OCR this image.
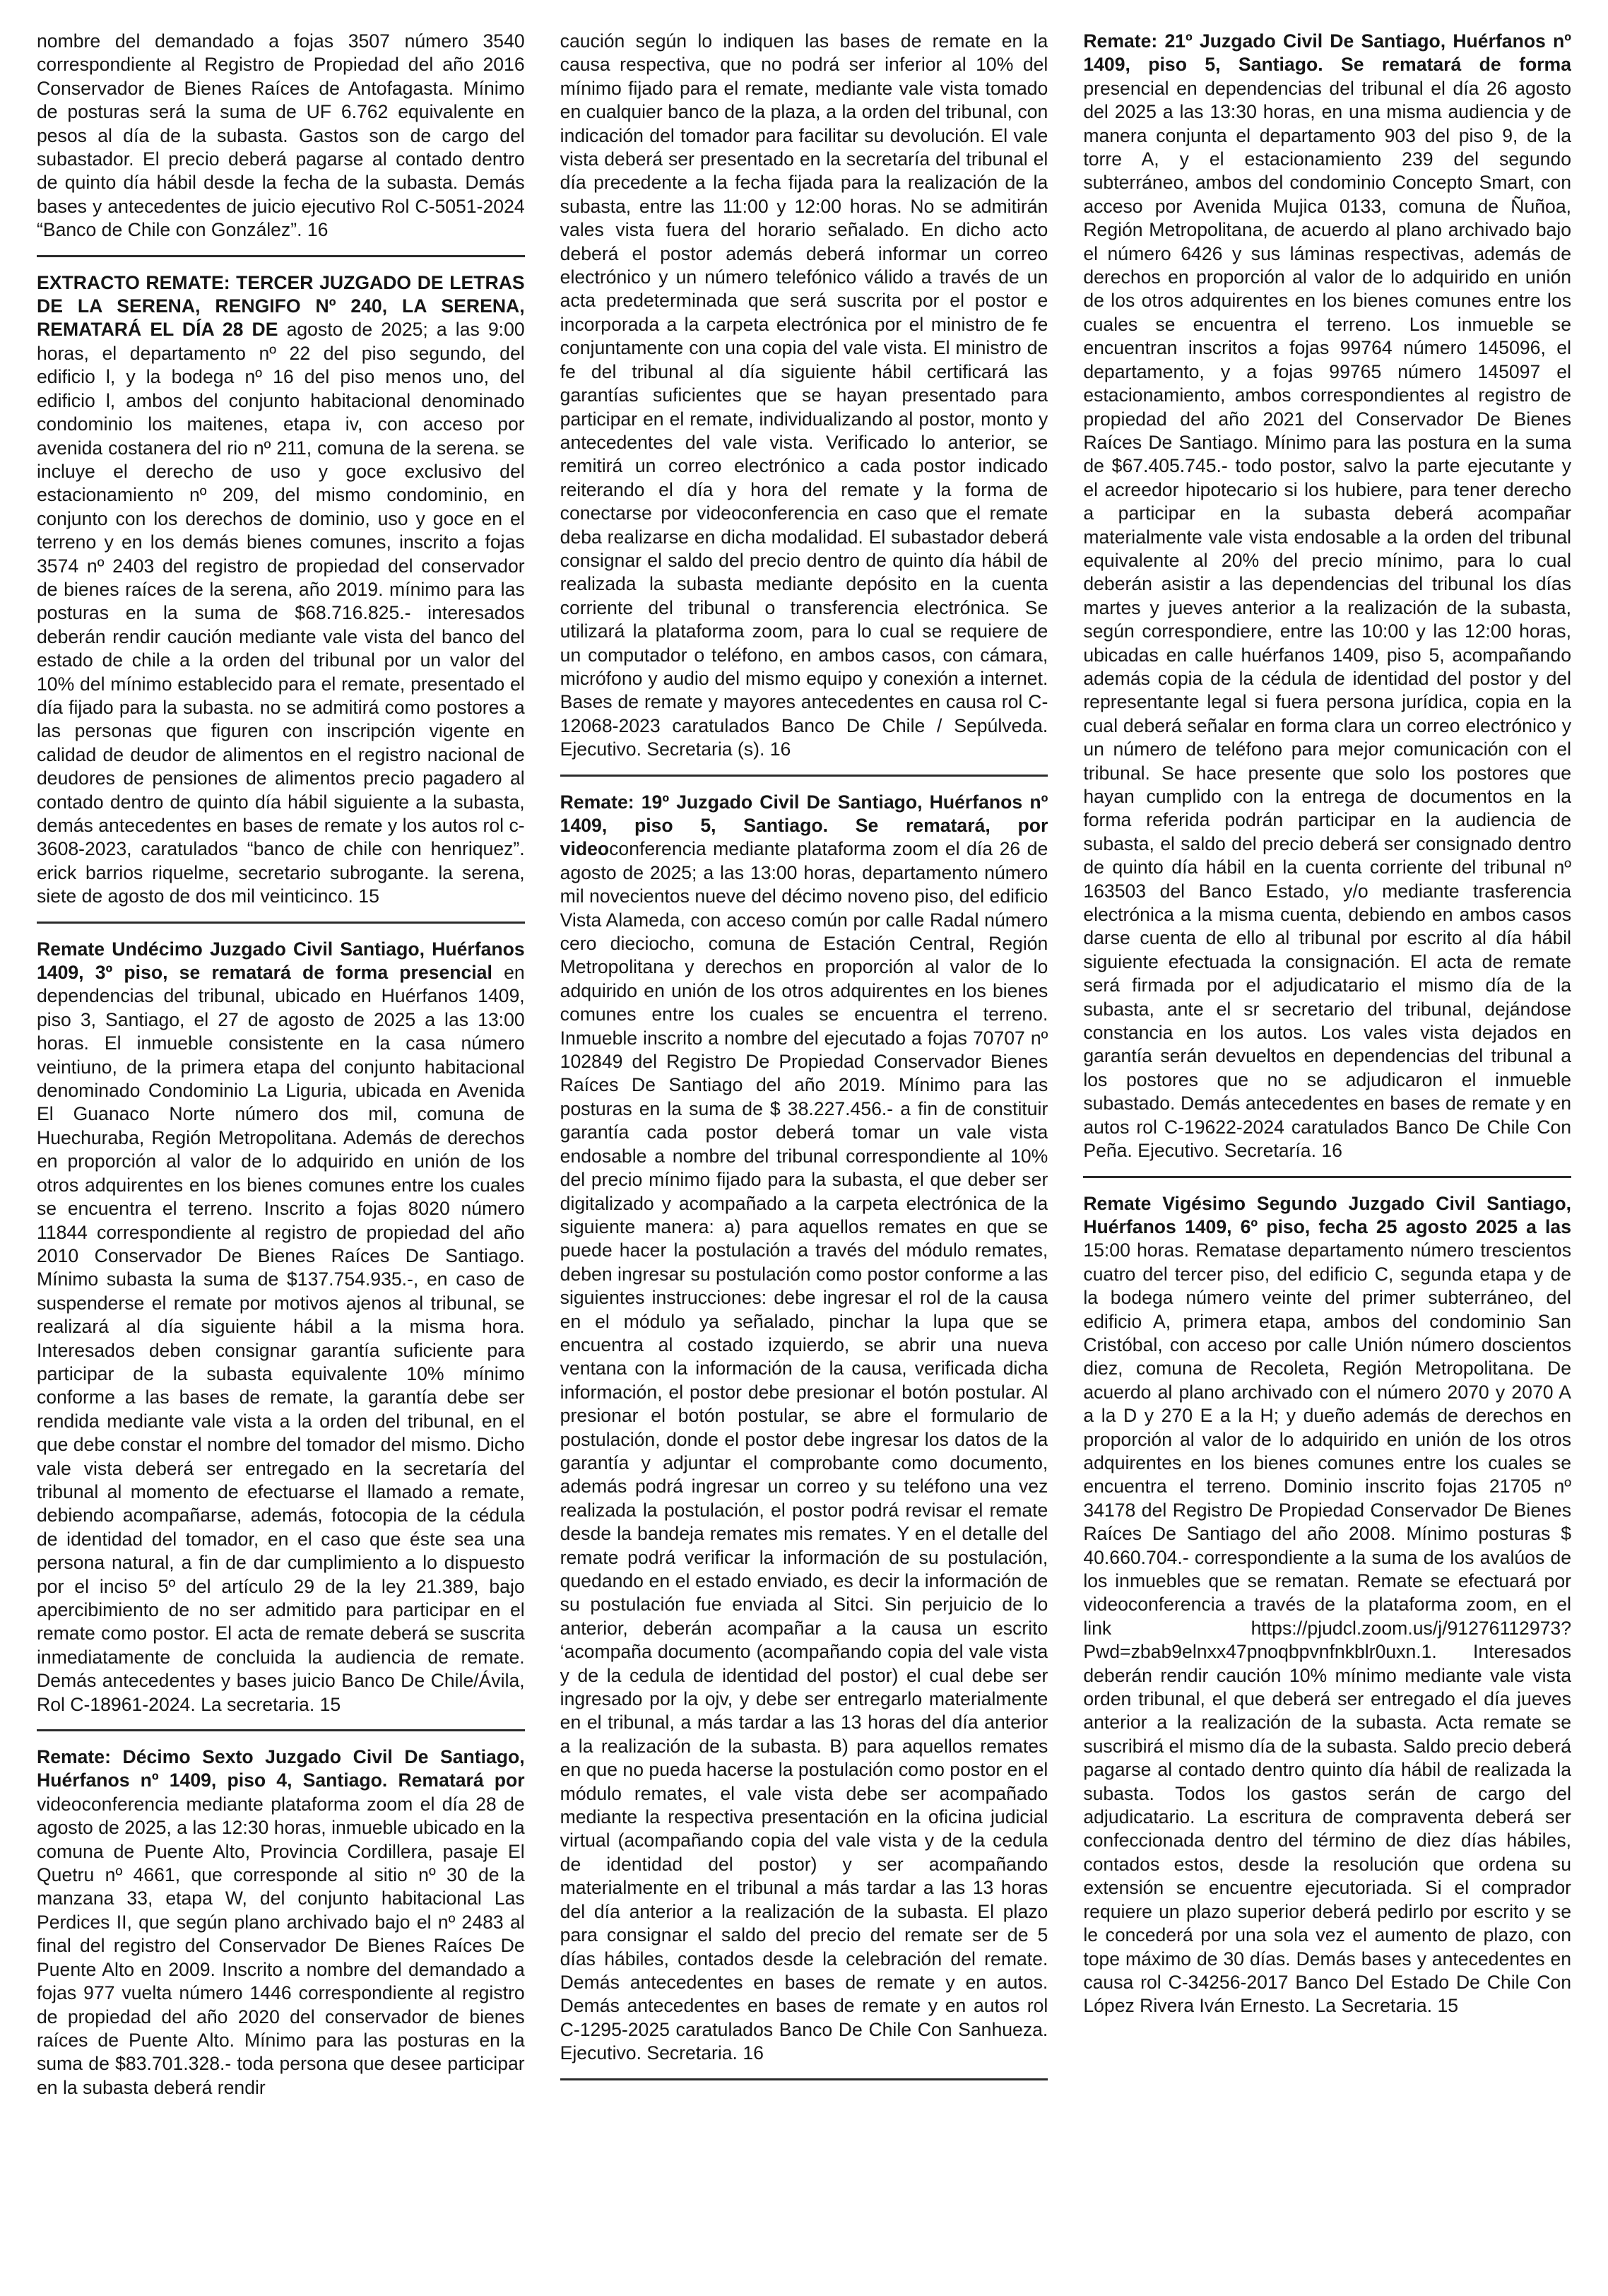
nombre del demandado a fojas 3507 número 3540 correspondiente al Registro de Propiedad del año 2016 Conservador de Bienes Raíces de Antofagasta. Mínimo de posturas será la suma de UF 6.762 equivalente en pesos al día de la subasta. Gastos son de cargo del subastador. El precio deberá pagarse al contado dentro de quinto día hábil desde la fecha de la subasta. Demás bases y antecedentes de juicio ejecutivo Rol C-5051-2024 “Banco de Chile con González”. 16

EXTRACTO REMATE: TERCER JUZGADO DE LETRAS DE LA SERENA, RENGIFO Nº 240, LA SERENA, REMATARÁ EL DÍA 28 DE agosto de 2025; a las 9:00 horas, el departamento nº 22 del piso segundo, del edificio l, y la bodega nº 16 del piso menos uno, del edificio l, ambos del conjunto habitacional denominado condominio los maitenes, etapa iv, con acceso por avenida costanera del rio nº 211, comuna de la serena. se incluye el derecho de uso y goce exclusivo del estacionamiento nº 209, del mismo condominio, en conjunto con los derechos de dominio, uso y goce en el terreno y en los demás bienes comunes, inscrito a fojas 3574 nº 2403 del registro de propiedad del conservador de bienes raíces de la serena, año 2019. mínimo para las posturas en la suma de $68.716.825.- interesados deberán rendir caución mediante vale vista del banco del estado de chile a la orden del tribunal por un valor del 10% del mínimo establecido para el remate, presentado el día fijado para la subasta. no se admitirá como postores a las personas que figuren con inscripción vigente en calidad de deudor de alimentos en el registro nacional de deudores de pensiones de alimentos precio pagadero al contado dentro de quinto día hábil siguiente a la subasta, demás antecedentes en bases de remate y los autos rol c-3608-2023, caratulados “banco de chile con henriquez”. erick barrios riquelme, secretario subrogante. la serena, siete de agosto de dos mil veinticinco. 15

Remate Undécimo Juzgado Civil Santiago, Huérfanos 1409, 3º piso, se rematará de forma presencial en dependencias del tribunal, ubicado en Huérfanos 1409, piso 3, Santiago, el 27 de agosto de 2025 a las 13:00 horas. El inmueble consistente en la casa número veintiuno, de la primera etapa del conjunto habitacional denominado Condominio La Liguria, ubicada en Avenida El Guanaco Norte número dos mil, comuna de Huechuraba, Región Metropolitana. Además de derechos en proporción al valor de lo adquirido en unión de los otros adquirentes en los bienes comunes entre los cuales se encuentra el terreno. Inscrito a fojas 8020 número 11844 correspondiente al registro de propiedad del año 2010 Conservador De Bienes Raíces De Santiago. Mínimo subasta la suma de $137.754.935.-, en caso de suspenderse el remate por motivos ajenos al tribunal, se realizará al día siguiente hábil a la misma hora. Interesados deben consignar garantía suficiente para participar de la subasta equivalente 10% mínimo conforme a las bases de remate, la garantía debe ser rendida mediante vale vista a la orden del tribunal, en el que debe constar el nombre del tomador del mismo. Dicho vale vista deberá ser entregado en la secretaría del tribunal al momento de efectuarse el llamado a remate, debiendo acompañarse, además, fotocopia de la cédula de identidad del tomador, en el caso que éste sea una persona natural, a fin de dar cumplimiento a lo dispuesto por el inciso 5º del artículo 29 de la ley 21.389, bajo apercibimiento de no ser admitido para participar en el remate como postor. El acta de remate deberá se suscrita inmediatamente de concluida la audiencia de remate. Demás antecedentes y bases juicio Banco De Chile/Ávila, Rol C-18961-2024. La secretaria. 15

Remate: Décimo Sexto Juzgado Civil De Santiago, Huérfanos nº 1409, piso 4, Santiago. Rematará por videoconferencia mediante plataforma zoom el día 28 de agosto de 2025, a las 12:30 horas, inmueble ubicado en la comuna de Puente Alto, Provincia Cordillera, pasaje El Quetru nº 4661, que corresponde al sitio nº 30 de la manzana 33, etapa W, del conjunto habitacional Las Perdices II, que según plano archivado bajo el nº 2483 al final del registro del Conservador De Bienes Raíces De Puente Alto en 2009. Inscrito a nombre del demandado a fojas 977 vuelta número 1446 correspondiente al registro de propiedad del año 2020 del conservador de bienes raíces de Puente Alto. Mínimo para las posturas en la suma de $83.701.328.- toda persona que desee participar en la subasta deberá rendir

caución según lo indiquen las bases de remate en la causa respectiva, que no podrá ser inferior al 10% del mínimo fijado para el remate, mediante vale vista tomado en cualquier banco de la plaza, a la orden del tribunal, con indicación del tomador para facilitar su devolución. El vale vista deberá ser presentado en la secretaría del tribunal el día precedente a la fecha fijada para la realización de la subasta, entre las 11:00 y 12:00 horas. No se admitirán vales vista fuera del horario señalado. En dicho acto deberá el postor además deberá informar un correo electrónico y un número telefónico válido a través de un acta predeterminada que será suscrita por el postor e incorporada a la carpeta electrónica por el ministro de fe conjuntamente con una copia del vale vista. El ministro de fe del tribunal al día siguiente hábil certificará las garantías suficientes que se hayan presentado para participar en el remate, individualizando al postor, monto y antecedentes del vale vista. Verificado lo anterior, se remitirá un correo electrónico a cada postor indicado reiterando el día y hora del remate y la forma de conectarse por videoconferencia en caso que el remate deba realizarse en dicha modalidad. El subastador deberá consignar el saldo del precio dentro de quinto día hábil de realizada la subasta mediante depósito en la cuenta corriente del tribunal o transferencia electrónica. Se utilizará la plataforma zoom, para lo cual se requiere de un computador o teléfono, en ambos casos, con cámara, micrófono y audio del mismo equipo y conexión a internet. Bases de remate y mayores antecedentes en causa rol C-12068-2023 caratulados Banco De Chile / Sepúlveda. Ejecutivo. Secretaria (s). 16

Remate: 19º Juzgado Civil De Santiago, Huérfanos nº 1409, piso 5, Santiago. Se rematará, por videoconferencia mediante plataforma zoom el día 26 de agosto de 2025; a las 13:00 horas, departamento número mil novecientos nueve del décimo noveno piso, del edificio Vista Alameda, con acceso común por calle Radal número cero dieciocho, comuna de Estación Central, Región Metropolitana y derechos en proporción al valor de lo adquirido en unión de los otros adquirentes en los bienes comunes entre los cuales se encuentra el terreno. Inmueble inscrito a nombre del ejecutado a fojas 70707 nº 102849 del Registro De Propiedad Conservador Bienes Raíces De Santiago del año 2019. Mínimo para las posturas en la suma de $ 38.227.456.- a fin de constituir garantía cada postor deberá tomar un vale vista endosable a nombre del tribunal correspondiente al 10% del precio mínimo fijado para la subasta, el que deber ser digitalizado y acompañado a la carpeta electrónica de la siguiente manera: a) para aquellos remates en que se puede hacer la postulación a través del módulo remates, deben ingresar su postulación como postor conforme a las siguientes instrucciones: debe ingresar el rol de la causa en el módulo ya señalado, pinchar la lupa que se encuentra al costado izquierdo, se abrir una nueva ventana con la información de la causa, verificada dicha información, el postor debe presionar el botón postular. Al presionar el botón postular, se abre el formulario de postulación, donde el postor debe ingresar los datos de la garantía y adjuntar el comprobante como documento, además podrá ingresar un correo y su teléfono una vez realizada la postulación, el postor podrá revisar el remate desde la bandeja remates mis remates. Y en el detalle del remate podrá verificar la información de su postulación, quedando en el estado enviado, es decir la información de su postulación fue enviada al Sitci. Sin perjuicio de lo anterior, deberán acompañar a la causa un escrito ‘acompaña documento (acompañando copia del vale vista y de la cedula de identidad del postor) el cual debe ser ingresado por la ojv, y debe ser entregarlo materialmente en el tribunal, a más tardar a las 13 horas del día anterior a la realización de la subasta. B) para aquellos remates en que no pueda hacerse la postulación como postor en el módulo remates, el vale vista debe ser acompañado mediante la respectiva presentación en la oficina judicial virtual (acompañando copia del vale vista y de la cedula de identidad del postor) y ser acompañando materialmente en el tribunal a más tardar a las 13 horas del día anterior a la realización de la subasta. El plazo para consignar el saldo del precio del remate ser de 5 días hábiles, contados desde la celebración del remate. Demás antecedentes en bases de remate y en autos. Demás antecedentes en bases de remate y en autos rol C-1295-2025 caratulados Banco De Chile Con Sanhueza. Ejecutivo. Secretaria. 16

Remate: 21º Juzgado Civil De Santiago, Huérfanos nº 1409, piso 5, Santiago. Se rematará de forma presencial en dependencias del tribunal el día 26 agosto del 2025 a las 13:30 horas, en una misma audiencia y de manera conjunta el departamento 903 del piso 9, de la torre A, y el estacionamiento 239 del segundo subterráneo, ambos del condominio Concepto Smart, con acceso por Avenida Mujica 0133, comuna de Ñuñoa, Región Metropolitana, de acuerdo al plano archivado bajo el número 6426 y sus láminas respectivas, además de derechos en proporción al valor de lo adquirido en unión de los otros adquirentes en los bienes comunes entre los cuales se encuentra el terreno. Los inmueble se encuentran inscritos a fojas 99764 número 145096, el departamento, y a fojas 99765 número 145097 el estacionamiento, ambos correspondientes al registro de propiedad del año 2021 del Conservador De Bienes Raíces De Santiago. Mínimo para las postura en la suma de $67.405.745.- todo postor, salvo la parte ejecutante y el acreedor hipotecario si los hubiere, para tener derecho a participar en la subasta deberá acompañar materialmente vale vista endosable a la orden del tribunal equivalente al 20% del precio mínimo, para lo cual deberán asistir a las dependencias del tribunal los días martes y jueves anterior a la realización de la subasta, según correspondiere, entre las 10:00 y las 12:00 horas, ubicadas en calle huérfanos 1409, piso 5, acompañando además copia de la cédula de identidad del postor y del representante legal si fuera persona jurídica, copia en la cual deberá señalar en forma clara un correo electrónico y un número de teléfono para mejor comunicación con el tribunal. Se hace presente que solo los postores que hayan cumplido con la entrega de documentos en la forma referida podrán participar en la audiencia de subasta, el saldo del precio deberá ser consignado dentro de quinto día hábil en la cuenta corriente del tribunal nº 163503 del Banco Estado, y/o mediante trasferencia electrónica a la misma cuenta, debiendo en ambos casos darse cuenta de ello al tribunal por escrito al día hábil siguiente efectuada la consignación. El acta de remate será firmada por el adjudicatario el mismo día de la subasta, ante el sr secretario del tribunal, dejándose constancia en los autos. Los vales vista dejados en garantía serán devueltos en dependencias del tribunal a los postores que no se adjudicaron el inmueble subastado. Demás antecedentes en bases de remate y en autos rol C-19622-2024 caratulados Banco De Chile Con Peña. Ejecutivo. Secretaría. 16

Remate Vigésimo Segundo Juzgado Civil Santiago, Huérfanos 1409, 6º piso, fecha 25 agosto 2025 a las 15:00 horas. Rematase departamento número trescientos cuatro del tercer piso, del edificio C, segunda etapa y de la bodega número veinte del primer subterráneo, del edificio A, primera etapa, ambos del condominio San Cristóbal, con acceso por calle Unión número doscientos diez, comuna de Recoleta, Región Metropolitana. De acuerdo al plano archivado con el número 2070 y 2070 A a la D y 270 E a la H; y dueño además de derechos en proporción al valor de lo adquirido en unión de los otros adquirentes en los bienes comunes entre los cuales se encuentra el terreno. Dominio inscrito fojas 21705 nº 34178 del Registro De Propiedad Conservador De Bienes Raíces De Santiago del año 2008. Mínimo posturas $ 40.660.704.- correspondiente a la suma de los avalúos de los inmuebles que se rematan. Remate se efectuará por videoconferencia a través de la plataforma zoom, en el link https://pjudcl.zoom.us/j/91276112973?Pwd=zbab9elnxx47pnoqbpvnfnkblr0uxn.1. Interesados deberán rendir caución 10% mínimo mediante vale vista orden tribunal, el que deberá ser entregado el día jueves anterior a la realización de la subasta. Acta remate se suscribirá el mismo día de la subasta. Saldo precio deberá pagarse al contado dentro quinto día hábil de realizada la subasta. Todos los gastos serán de cargo del adjudicatario. La escritura de compraventa deberá ser confeccionada dentro del término de diez días hábiles, contados estos, desde la resolución que ordena su extensión se encuentre ejecutoriada. Si el comprador requiere un plazo superior deberá pedirlo por escrito y se le concederá por una sola vez el aumento de plazo, con tope máximo de 30 días. Demás bases y antecedentes en causa rol C-34256-2017 Banco Del Estado De Chile Con López Rivera Iván Ernesto. La Secretaria. 15
